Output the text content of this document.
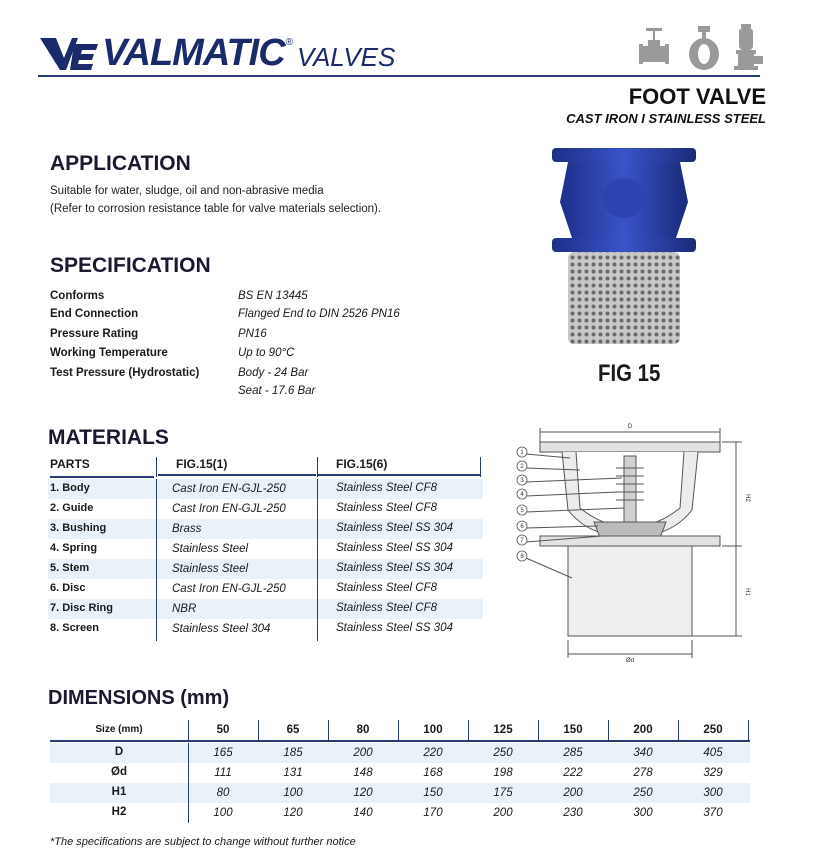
VALMATIC ® VALVES
FOOT VALVE
CAST IRON I STAINLESS STEEL
APPLICATION
Suitable for water, sludge, oil and non-abrasive media
(Refer to corrosion resistance table for valve materials selection).
FIG 15
SPECIFICATION
Conforms	BS EN 13445
End Connection	Flanged End to DIN 2526 PN16
Pressure Rating	PN16
Working Temperature	Up to 90°C
Test Pressure (Hydrostatic)	Body - 24 Bar
Seat - 17.6 Bar
MATERIALS
PARTS	FIG.15(1)	FIG.15(6)
1. Body	Cast Iron EN-GJL-250	Stainless Steel CF8
2. Guide	Cast Iron EN-GJL-250	Stainless Steel CF8
3. Bushing	Brass	Stainless Steel SS 304
4. Spring	Stainless Steel	Stainless Steel SS 304
5. Stem	Stainless Steel	Stainless Steel SS 304
6. Disc	Cast Iron EN-GJL-250	Stainless Steel CF8
7. Disc Ring	NBR	Stainless Steel CF8
8. Screen	Stainless Steel 304	Stainless Steel SS 304
1
2
3
4
5
6
7
8
D
Ød
H2
H1
DIMENSIONS (mm)
Size (mm)	50	65	80	100	125	150	200	250
D	165	185	200	220	250	285	340	405
Ød	111	131	148	168	198	222	278	329
H1	80	100	120	150	175	200	250	300
H2	100	120	140	170	200	230	300	370
*The specifications are subject to change without further notice
